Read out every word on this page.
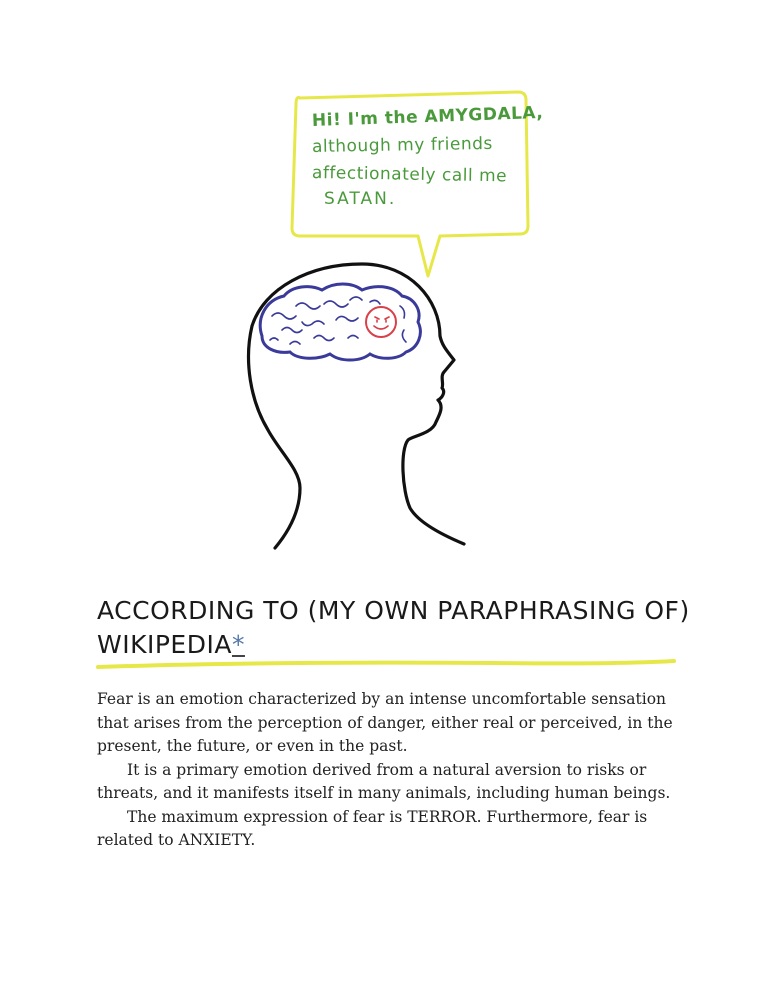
Hi! I'm the AMYGDALA,
although my friends
affectionately call me
SATAN.
ACCORDING TO (MY OWN PARAPHRASING OF)
WIKIPEDIA*

Fear is an emotion characterized by an intense uncomfortable sensation that arises from the perception of danger, either real or perceived, in the present, the future, or even in the past.

It is a primary emotion derived from a natural aversion to risks or threats, and it manifests itself in many animals, including human beings.

The maximum expression of fear is TERROR. Furthermore, fear is related to ANXIETY.
